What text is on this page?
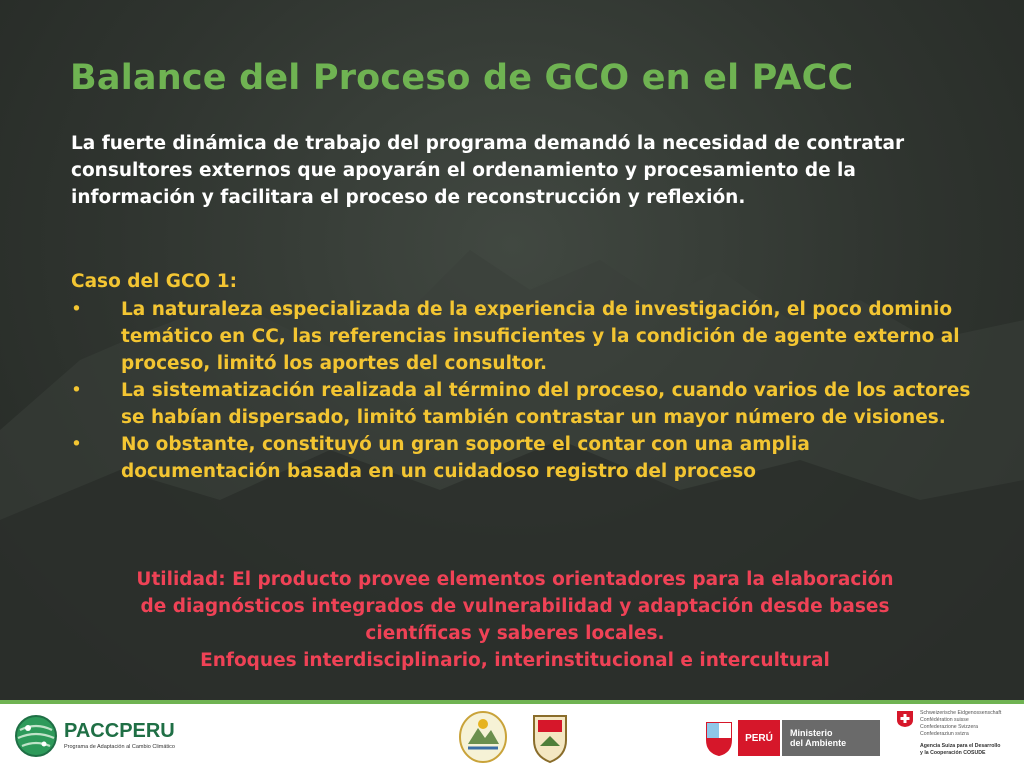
Balance del Proceso de GCO en el PACC

La fuerte dinámica de trabajo del programa demandó la necesidad de contratar consultores externos que apoyarán el ordenamiento y procesamiento de la información y facilitara el proceso de reconstrucción y reflexión.

Caso del GCO 1:

• La naturaleza especializada de la experiencia de investigación, el poco dominio temático en CC, las referencias insuficientes y la condición de agente externo al proceso, limitó los aportes del consultor.
• La sistematización realizada al término del proceso, cuando varios de los actores se habían dispersado, limitó también contrastar un mayor número de visiones.
• No obstante, constituyó un gran soporte el contar con una amplia documentación basada en un cuidadoso registro del proceso
Utilidad: El producto provee elementos orientadores para la elaboración
de diagnósticos integrados de vulnerabilidad y adaptación desde bases
científicas y saberes locales.
Enfoques interdisciplinario, interinstitucional e intercultural
PACCPERU
Programa de Adaptación al Cambio Climático
PERÚ	Ministerio
del Ambiente
Schweizerische Eidgenossenschaft
Confédération suisse
Confederazione Svizzera
Confederaziun svizra
Agencia Suiza para el Desarrollo
y la Cooperación COSUDE
